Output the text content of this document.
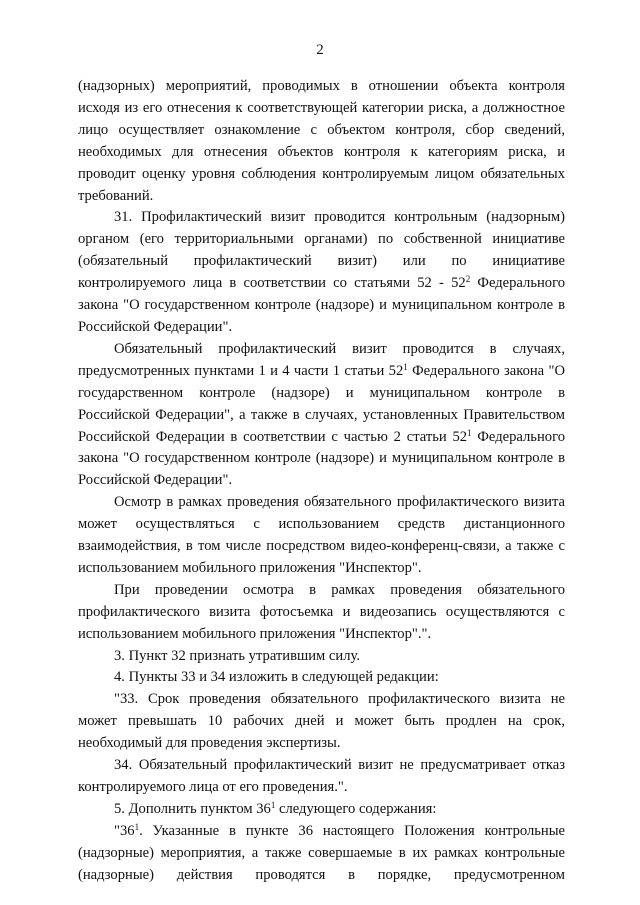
2

(надзорных) мероприятий, проводимых в отношении объекта контроля исходя из его отнесения к соответствующей категории риска, а должностное лицо осуществляет ознакомление с объектом контроля, сбор сведений, необходимых для отнесения объектов контроля к категориям риска, и проводит оценку уровня соблюдения контролируемым лицом обязательных требований.

31. Профилактический визит проводится контрольным (надзорным) органом (его территориальными органами) по собственной инициативе (обязательный профилактический визит) или по инициативе контролируемого лица в соответствии со статьями $52 - 52^2$ Федерального закона "О государственном контроле (надзоре) и муниципальном контроле в Российской Федерации".

Обязательный профилактический визит проводится в случаях, предусмотренных пунктами 1 и 4 части 1 статьи $52^1$ Федерального закона "О государственном контроле (надзоре) и муниципальном контроле в Российской Федерации", а также в случаях, установленных Правительством Российской Федерации в соответствии с частью 2 статьи $52^1$ Федерального закона "О государственном контроле (надзоре) и муниципальном контроле в Российской Федерации".

Осмотр в рамках проведения обязательного профилактического визита может осуществляться с использованием средств дистанционного взаимодействия, в том числе посредством видео-конференц-связи, а также с использованием мобильного приложения "Инспектор".

При проведении осмотра в рамках проведения обязательного профилактического визита фотосъемка и видеозапись осуществляются с использованием мобильного приложения "Инспектор".".

3. Пункт 32 признать утратившим силу.

4. Пункты 33 и 34 изложить в следующей редакции:

"33. Срок проведения обязательного профилактического визита не может превышать 10 рабочих дней и может быть продлен на срок, необходимый для проведения экспертизы.

34. Обязательный профилактический визит не предусматривает отказ контролируемого лица от его проведения.".

5. Дополнить пунктом $36^1$ следующего содержания:

"$36^1$. Указанные в пункте 36 настоящего Положения контрольные (надзорные) мероприятия, а также совершаемые в их рамках контрольные (надзорные) действия проводятся в порядке, предусмотренном
